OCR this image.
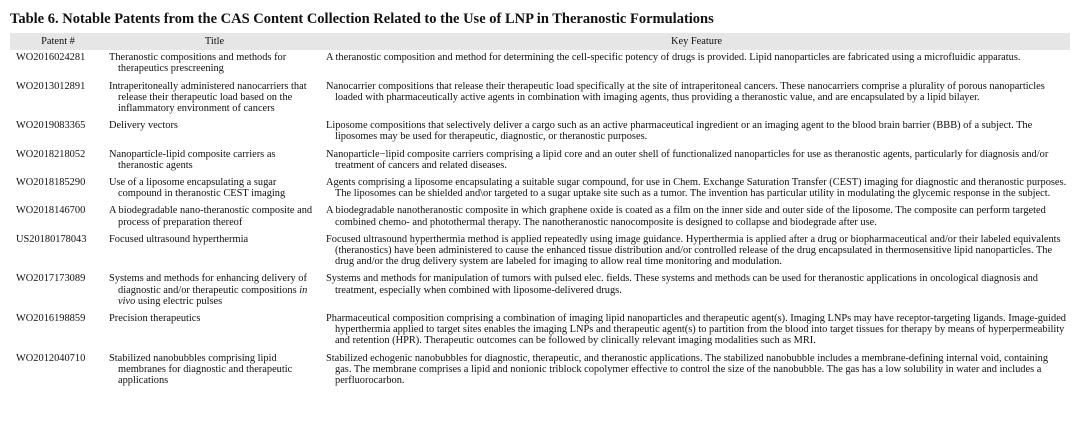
Table 6. Notable Patents from the CAS Content Collection Related to the Use of LNP in Theranostic Formulations
Patent #	Title	Key Feature
WO2016024281	Theranostic compositions and methods for therapeutics prescreening	A theranostic composition and method for determining the cell-specific potency of drugs is provided. Lipid nanoparticles are fabricated using a microfluidic apparatus.

WO2013012891	Intraperitoneally administered nanocarriers that release their therapeutic load based on the inflammatory environment of cancers	Nanocarrier compositions that release their therapeutic load specifically at the site of intraperitoneal cancers. These nanocarriers comprise a plurality of porous nanoparticles loaded with pharmaceutically active agents in combination with imaging agents, thus providing a theranostic value, and are encapsulated by a lipid bilayer.

WO2019083365	Delivery vectors	Liposome compositions that selectively deliver a cargo such as an active pharmaceutical ingredient or an imaging agent to the blood brain barrier (BBB) of a subject. The liposomes may be used for therapeutic, diagnostic, or theranostic purposes.

WO2018218052	Nanoparticle-lipid composite carriers as theranostic agents	Nanoparticle−lipid composite carriers comprising a lipid core and an outer shell of functionalized nanoparticles for use as theranostic agents, particularly for diagnosis and/or treatment of cancers and related diseases.

WO2018185290	Use of a liposome encapsulating a sugar compound in theranostic CEST imaging	Agents comprising a liposome encapsulating a suitable sugar compound, for use in Chem. Exchange Saturation Transfer (CEST) imaging for diagnostic and theranostic purposes. The liposomes can be shielded and\or targeted to a sugar uptake site such as a tumor. The invention has particular utility in modulating the glycemic response in the subject.

WO2018146700	A biodegradable nano-theranostic composite and process of preparation thereof	A biodegradable nanotheranostic composite in which graphene oxide is coated as a film on the inner side and outer side of the liposome. The composite can perform targeted combined chemo- and photothermal therapy. The nanotheranostic nanocomposite is designed to collapse and biodegrade after use.

US20180178043	Focused ultrasound hyperthermia	Focused ultrasound hyperthermia method is applied repeatedly using image guidance. Hyperthermia is applied after a drug or biopharmaceutical and/or their labeled equivalents (theranostics) have been administered to cause the enhanced tissue distribution and/or controlled release of the drug encapsulated in thermosensitive lipid nanoparticles. The drug and/or the drug delivery system are labeled for imaging to allow real time monitoring and modulation.

WO2017173089	Systems and methods for enhancing delivery of diagnostic and/or therapeutic compositions in vivo using electric pulses	Systems and methods for manipulation of tumors with pulsed elec. fields. These systems and methods can be used for theranostic applications in oncological diagnosis and treatment, especially when combined with liposome-delivered drugs.

WO2016198859	Precision therapeutics	Pharmaceutical composition comprising a combination of imaging lipid nanoparticles and therapeutic agent(s). Imaging LNPs may have receptor-targeting ligands. Image-guided hyperthermia applied to target sites enables the imaging LNPs and therapeutic agent(s) to partition from the blood into target tissues for therapy by means of hyperpermeability and retention (HPR). Therapeutic outcomes can be followed by clinically relevant imaging modalities such as MRI.

WO2012040710	Stabilized nanobubbles comprising lipid membranes for diagnostic and therapeutic applications	Stabilized echogenic nanobubbles for diagnostic, therapeutic, and theranostic applications. The stabilized nanobubble includes a membrane-defining internal void, containing gas. The membrane comprises a lipid and nonionic triblock copolymer effective to control the size of the nanobubble. The gas has a low solubility in water and includes a perfluorocarbon.
